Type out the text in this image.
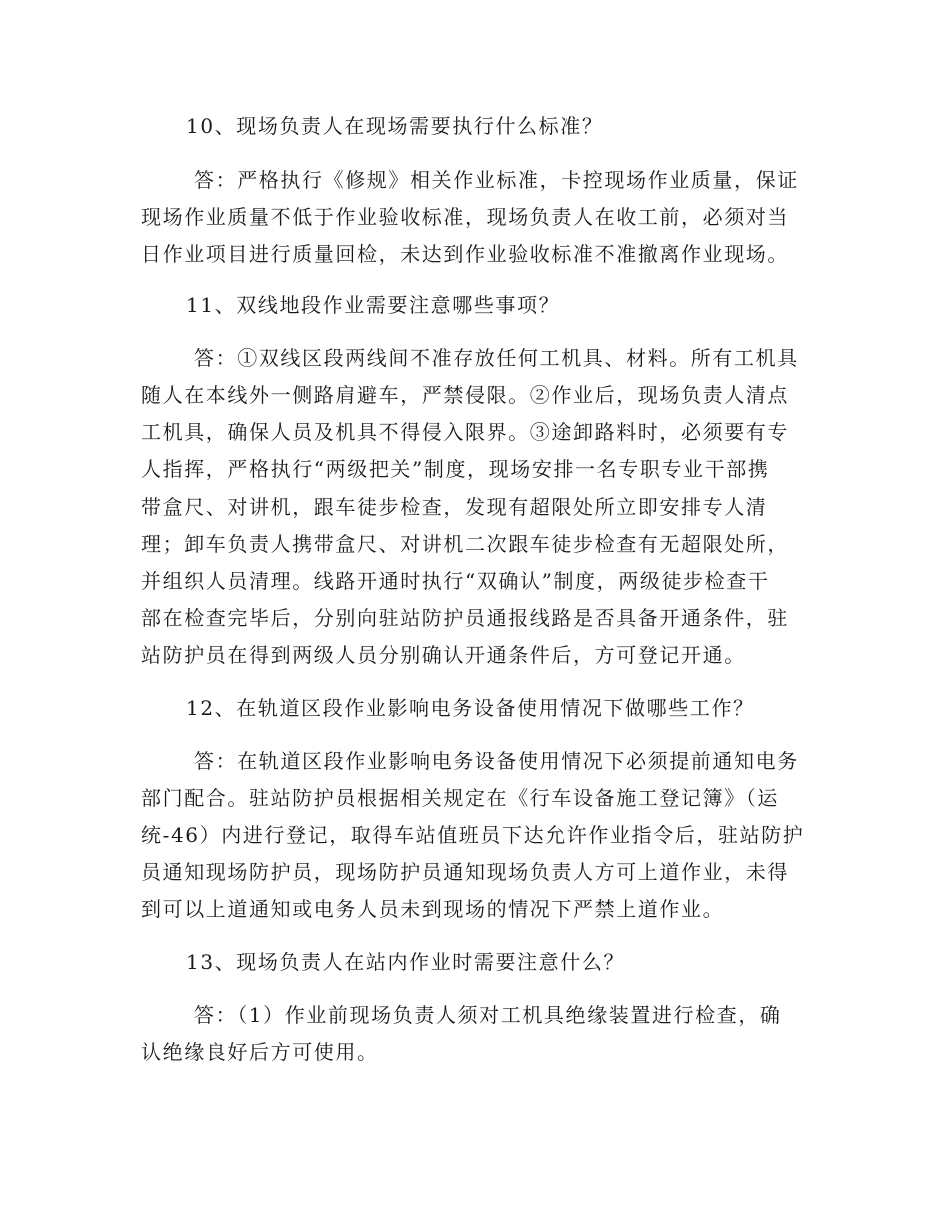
10、现场负责人在现场需要执行什么标准？
答：严格执行《修规》相关作业标准，卡控现场作业质量，保证
现场作业质量不低于作业验收标准，现场负责人在收工前，必须对当
日作业项目进行质量回检，未达到作业验收标准不准撤离作业现场。
11、双线地段作业需要注意哪些事项？
答：①双线区段两线间不准存放任何工机具、材料。所有工机具
随人在本线外一侧路肩避车，严禁侵限。②作业后，现场负责人清点
工机具，确保人员及机具不得侵入限界。③途卸路料时，必须要有专
人指挥，严格执行“两级把关”制度，现场安排一名专职专业干部携
带盒尺、对讲机，跟车徒步检查，发现有超限处所立即安排专人清
理；卸车负责人携带盒尺、对讲机二次跟车徒步检查有无超限处所，
并组织人员清理。线路开通时执行“双确认”制度，两级徒步检查干
部在检查完毕后，分别向驻站防护员通报线路是否具备开通条件，驻
站防护员在得到两级人员分别确认开通条件后，方可登记开通。
12、在轨道区段作业影响电务设备使用情况下做哪些工作？
答：在轨道区段作业影响电务设备使用情况下必须提前通知电务
部门配合。驻站防护员根据相关规定在《行车设备施工登记簿》（运
统-46）内进行登记，取得车站值班员下达允许作业指令后，驻站防护
员通知现场防护员，现场防护员通知现场负责人方可上道作业，未得
到可以上道通知或电务人员未到现场的情况下严禁上道作业。
13、现场负责人在站内作业时需要注意什么？
答：（1）作业前现场负责人须对工机具绝缘装置进行检查，确
认绝缘良好后方可使用。
